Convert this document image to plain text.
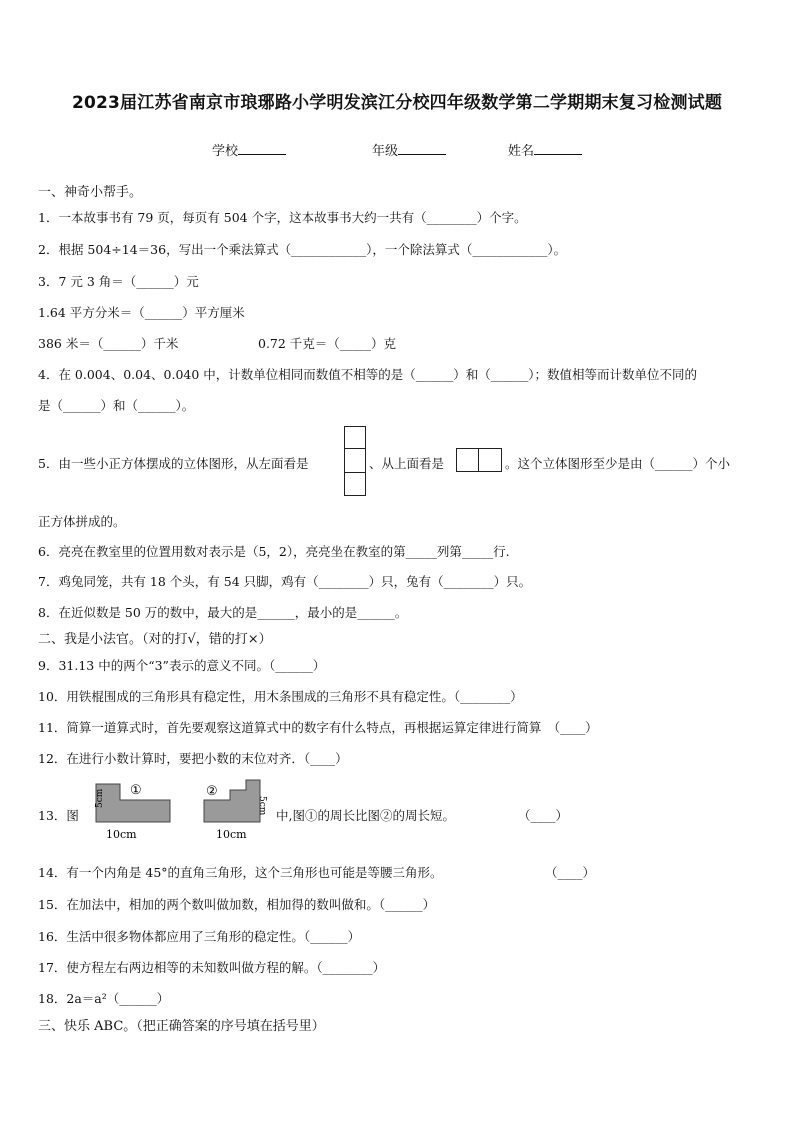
2023届江苏省南京市琅琊路小学明发滨江分校四年级数学第二学期期末复习检测试题
学校	年级	姓名
一、神奇小帮手。
1．一本故事书有 79 页，每页有 504 个字，这本故事书大约一共有（________）个字。
2．根据 504÷14＝36，写出一个乘法算式（____________），一个除法算式（____________）。
3．7 元 3 角＝（______）元
1.64 平方分米＝（______）平方厘米
386 米＝（______）千米	0.72 千克＝（_____）克
4．在 0.004、0.04、0.040 中，计数单位相同而数值不相等的是（______）和（______）；数值相等而计数单位不同的
是（______）和（______）。
5．由一些小正方体摆成的立体图形，从左面看是	、从上面看是	。这个立体图形至少是由（______）个小
正方体拼成的。
6．亮亮在教室里的位置用数对表示是（5，2），亮亮坐在教室的第_____列第_____行.
7．鸡兔同笼，共有 18 个头，有 54 只脚，鸡有（________）只，兔有（________）只。
8．在近似数是 50 万的数中，最大的是______，最小的是______。
二、我是小法官。（对的打√，错的打×）
9．31.13 中的两个“3”表示的意义不同。（______）
10．用铁棍围成的三角形具有稳定性，用木条围成的三角形不具有稳定性。（________）
11．简算一道算式时，首先要观察这道算式中的数字有什么特点，再根据运算定律进行简算　（____）
12．在进行小数计算时，要把小数的末位对齐．（____）
13．图
5cm ①
10cm
②
5cm
10cm
中,图①的周长比图②的周长短。	（____）
14．有一个内角是 45°的直角三角形，这个三角形也可能是等腰三角形。	（____）
15．在加法中，相加的两个数叫做加数，相加得的数叫做和。（______）
16．生活中很多物体都应用了三角形的稳定性。（______）
17．使方程左右两边相等的未知数叫做方程的解。（________）
18．2a＝a²（______）
三、快乐 ABC。（把正确答案的序号填在括号里）
